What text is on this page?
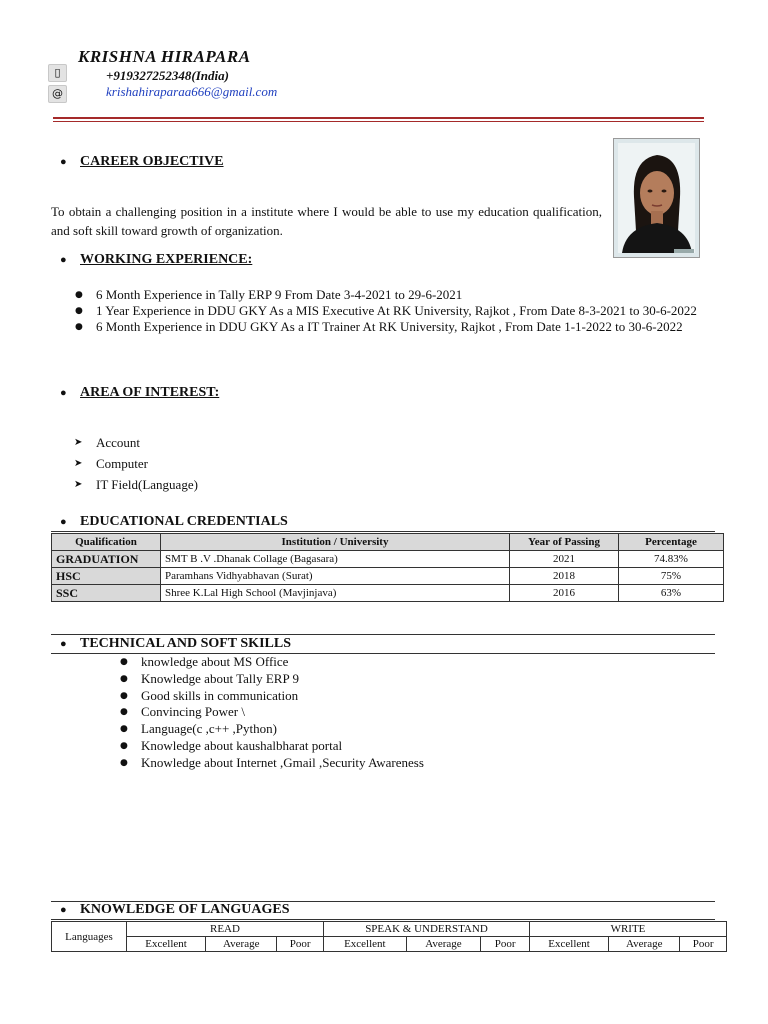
KRISHNA HIRAPARA
▯	+919327252348(India)
@	krishahiraparaa666@gmail.com
● CAREER OBJECTIVE
To obtain a challenging position in a institute where I would be able to use my education qualification, and soft skill toward growth of organization.
● WORKING EXPERIENCE:
● 6 Month Experience in Tally ERP 9 From Date 3-4-2021 to 29-6-2021
● 1 Year Experience in DDU GKY As a MIS Executive At RK University, Rajkot , From Date 8-3-2021 to 30-6-2022
● 6 Month Experience in DDU GKY As a IT Trainer At RK University, Rajkot , From Date 1-1-2022 to 30-6-2022
● AREA OF INTEREST:
➤ Account
➤ Computer
➤ IT Field(Language)
● EDUCATIONAL CREDENTIALS
Qualification	Institution / University	Year of Passing	Percentage
GRADUATION	SMT B .V .Dhanak Collage (Bagasara)	2021	74.83%
HSC	Paramhans Vidhyabhavan (Surat)	2018	75%
SSC	Shree K.Lal High School (Mavjinjava)	2016	63%
● TECHNICAL AND SOFT SKILLS
● knowledge about MS Office
● Knowledge about Tally ERP 9
● Good skills in communication
● Convincing Power \
● Language(c ,c++ ,Python)
● Knowledge about kaushalbharat portal
● Knowledge about Internet ,Gmail ,Security Awareness
● KNOWLEDGE OF LANGUAGES
Languages	READ			SPEAK & UNDERSTAND			WRITE		
	Excellent	Average	Poor	Excellent	Average	Poor	Excellent	Average	Poor
